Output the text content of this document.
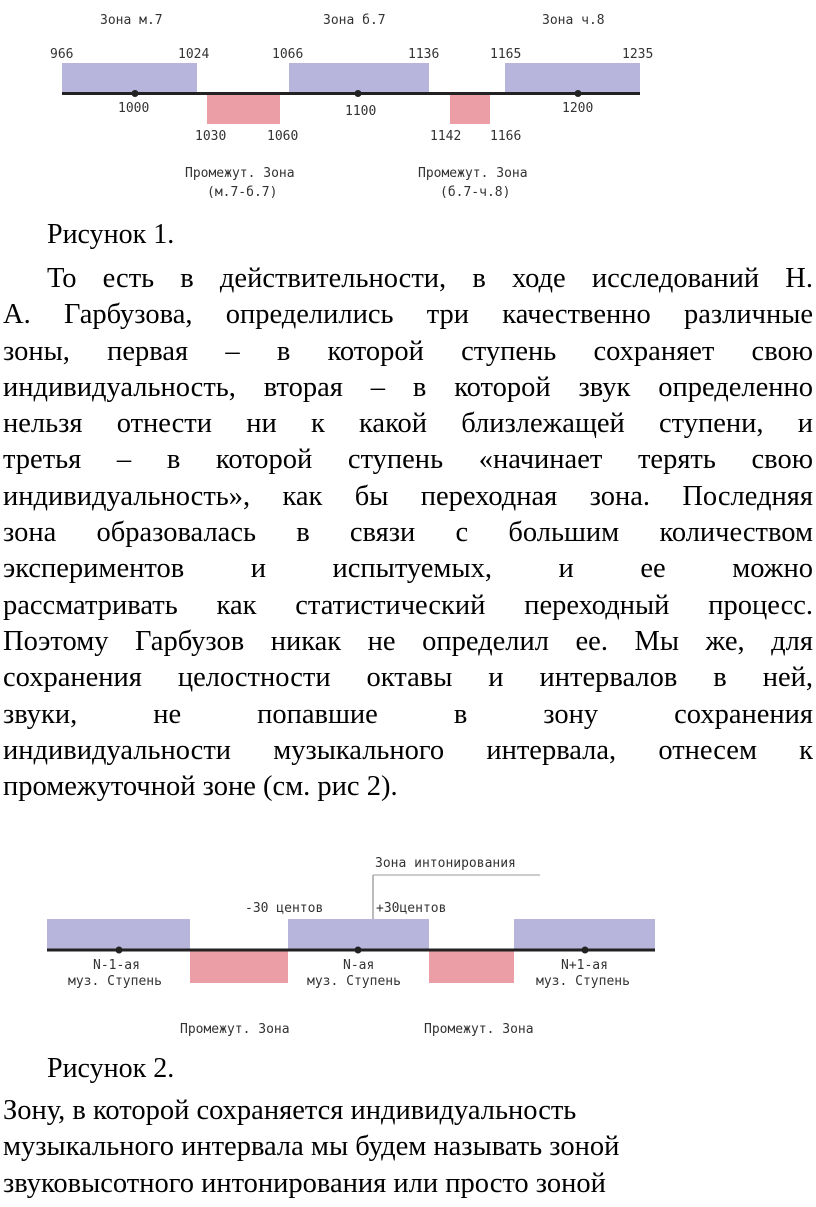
Зона м.7	Зона б.7	Зона ч.8
966	1024	1066	1136	1165	1235
1000	1100	1200
1030	1060	1142 1166
Промежут. Зона
(м.7-б.7)
Промежут. Зона
(б.7-ч.8)

Рисунок 1.

То есть в действительности, в ходе исследований Н.
А. Гарбузова, определились три качественно различные
зоны, первая – в которой ступень сохраняет свою
индивидуальность, вторая – в которой звук определенно
нельзя отнести ни к какой близлежащей ступени, и
третья – в которой ступень «начинает терять свою
индивидуальность», как бы переходная зона. Последняя
зона образовалась в связи с большим количеством
экспериментов и испытуемых, и ее можно
рассматривать как статистический переходный процесс.
Поэтому Гарбузов никак не определил ее. Мы же, для
сохранения целостности октавы и интервалов в ней,
звуки, не попавшие в зону сохранения
индивидуальности музыкального интервала, отнесем к
промежуточной зоне (см. рис 2).
Зона интонирования
-30 центов	+30центов
N-1-ая
муз. Ступень
N-ая
муз. Ступень
N+1-ая
муз. Ступень
Промежут. Зона	Промежут. Зона

Рисунок 2.

Зону, в которой сохраняется индивидуальность
музыкального интервала мы будем называть зоной
звуковысотного интонирования или просто зоной
